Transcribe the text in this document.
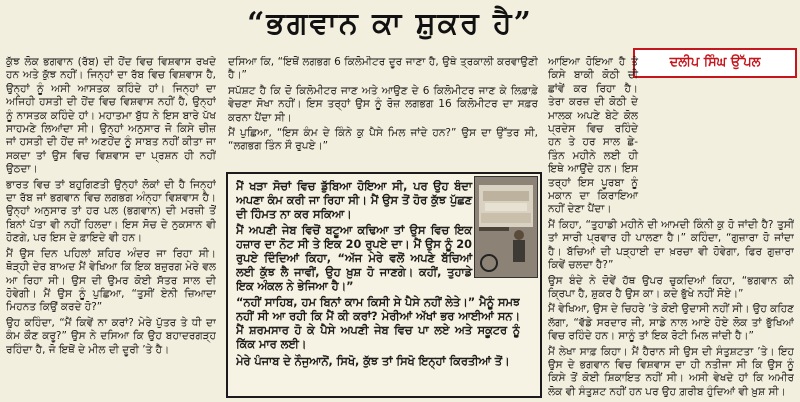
“ਭਗਵਾਨ ਕਾ ਸ਼ੁਕਰ ਹੈ”
ਦਲੀਪ ਸਿੰਘ ਉੱਪਲ

ਕੁੱਝ ਲੋਕ ਭਗਵਾਨ (ਰੱਬ) ਦੀ ਹੋਂਦ ਵਿਚ ਵਿਸ਼ਵਾਸ ਰਖਦੇ ਹਨ ਅਤੇ ਕੁੱਝ ਨਹੀਂ। ਜਿਨ੍ਹਾਂ ਦਾ ਰੱਬ ਵਿਚ ਵਿਸ਼ਵਾਸ ਹੈ, ਉਨ੍ਹਾਂ ਨੂੰ ਅਸੀ ਆਸਤਕ ਕਹਿੰਦੇ ਹਾਂ। ਜਿਨ੍ਹਾਂ ਦਾ ਅਜਿਹੀ ਹਸਤੀ ਦੀ ਹੋਂਦ ਵਿਚ ਵਿਸ਼ਵਾਸ ਨਹੀਂ ਹੈ, ਉਨ੍ਹਾਂ ਨੂੰ ਨਾਸਤਕ ਕਹਿੰਦੇ ਹਾਂ। ਮਹਾਤਮਾ ਬੁੱਧ ਨੇ ਇਸ ਬਾਰੇ ਪੱਖ ਸਾਹਮਣੇ ਲਿਆਂਦਾ ਸੀ। ਉਨ੍ਹਾਂ ਅਨੁਸਾਰ ਜੋ ਕਿਸੇ ਚੀਜ਼ ਜਾਂ ਹਸਤੀ ਦੀ ਹੋਂਦ ਜਾਂ ਅਣਹੋਂਦ ਨੂੰ ਸਾਬਤ ਨਹੀਂ ਕੀਤਾ ਜਾ ਸਕਦਾ ਤਾਂ ਉਸ ਵਿਚ ਵਿਸ਼ਵਾਸ ਦਾ ਪ੍ਰਸ਼ਨ ਹੀ ਨਹੀਂ ਉਠਦਾ।

ਭਾਰਤ ਵਿਚ ਤਾਂ ਬਹੁਗਿਣਤੀ ਉਨ੍ਹਾਂ ਲੋਕਾਂ ਦੀ ਹੈ ਜਿਨ੍ਹਾਂ ਦਾ ਰੱਬ ਜਾਂ ਭਗਵਾਨ ਵਿਚ ਲਗਭਗ ਅੰਨ੍ਹਾ ਵਿਸ਼ਵਾਸ ਹੈ। ਉਨ੍ਹਾਂ ਅਨੁਸਾਰ ਤਾਂ ਹਰ ਪਲ (ਭਗਵਾਨ) ਦੀ ਮਰਜ਼ੀ ਤੋਂ ਬਿਨਾਂ ਪੱਤਾ ਵੀ ਨਹੀਂ ਹਿਲਦਾ। ਇਸ ਸੋਚ ਦੇ ਨੁਕਸਾਨ ਵੀ ਹੋਣਗੇ, ਪਰ ਇਸ ਦੇ ਫ਼ਾਇਦੇ ਵੀ ਹਨ।

ਮੈਂ ਉਸ ਦਿਨ ਪਹਿਲਾਂ ਸ਼ਹਿਰ ਅੰਦਰ ਜਾ ਰਿਹਾ ਸੀ। ਥੋੜ੍ਹੀ ਦੇਰ ਬਾਅਦ ਮੈਂ ਵੇਖਿਆ ਕਿ ਇਕ ਬਜ਼ੁਰਗ ਮੇਰੇ ਵਲ ਆ ਰਿਹਾ ਸੀ। ਉਸ ਦੀ ਉਮਰ ਕੋਈ ਸੱਤਰ ਸਾਲ ਦੀ ਹੋਵੇਗੀ। ਮੈਂ ਉਸ ਨੂੰ ਪੁਛਿਆ, “ਤੁਸੀਂ ਏਨੀ ਜ਼ਿਆਦਾ ਮਿਹਨਤ ਕਿਉਂ ਕਰਦੇ ਹੋ?”

ਉਹ ਕਹਿੰਦਾ, “ਮੈਂ ਕਿਵੇਂ ਨਾ ਕਰਾਂ? ਮੇਰੇ ਪੁੱਤਰ ਤੇ ਧੀ ਦਾ ਕੰਮ ਕੌਣ ਕਰੂ?” ਉਸ ਨੇ ਦਸਿਆ ਕਿ ਉਹ ਬਹਾਦਰਗੜ੍ਹ ਰਹਿੰਦਾ ਹੈ, ਜੋ ਇਥੋਂ ਦੇ ਮੀਲ ਦੀ ਦੂਰੀ ’ਤੇ ਹੈ।

ਦਸਿਆ ਕਿ, “ਇਥੋਂ ਲਗਭਗ 6 ਕਿਲੋਮੀਟਰ ਦੂਰ ਜਾਣਾ ਹੈ, ਉਥੇ ਤ੍ਰਕਾਲੀ ਕਰਵਾਉਣੀ ਹੈ।”

ਸਪੱਸ਼ਟ ਹੈ ਕਿ ਦੋ ਕਿਲੋਮੀਟਰ ਜਾਣ ਅਤੇ ਆਉਣ ਦੇ 6 ਕਿਲੋਮੀਟਰ ਜਾਣ ਕੇ ਲਿਫ਼ਾਫ਼ੇ ਵੇਚਣਾ ਸੋਖਾ ਨਹੀਂ। ਇਸ ਤਰ੍ਹਾਂ ਉਸ ਨੂੰ ਰੋਜ਼ ਲਗਭਗ 16 ਕਿਲੋਮੀਟਰ ਦਾ ਸਫ਼ਰ ਕਰਨਾ ਪੈਂਦਾ ਸੀ।

ਮੈਂ ਪੁਛਿਆ, “ਇਸ ਕੰਮ ਦੇ ਕਿੰਨੇ ਕੁ ਪੈਸੇ ਮਿਲ ਜਾਂਦੇ ਹਨ?” ਉਸ ਦਾ ਉੱਤਰ ਸੀ, “ਲਗਭਗ ਤਿੰਨ ਸੌ ਰੁਪਏ।”

ਮੈਂ ਖੜਾ ਸੋਚਾਂ ਵਿਚ ਡੁੱਬਿਆ ਹੋਇਆ ਸੀ, ਪਰ ਉਹ ਬੰਦਾ ਅਪਣਾ ਕੰਮ ਕਰੀ ਜਾ ਰਿਹਾ ਸੀ। ਮੈਂ ਉਸ ਤੋਂ ਹੋਰ ਕੁੱਝ ਪੁੱਛਣ ਦੀ ਹਿੰਮਤ ਨਾ ਕਰ ਸਕਿਆ।

ਮੈਂ ਅਪਣੀ ਜੇਬ ਵਿਚੋਂ ਬਟੂਆ ਕਢਿਆ ਤਾਂ ਉਸ ਵਿਚ ਇਕ ਹਜ਼ਾਰ ਦਾ ਨੋਟ ਸੀ ਤੇ ਇਕ 20 ਰੁਪਏ ਦਾ। ਮੈਂ ਉਸ ਨੂੰ 20 ਰੁਪਏ ਦਿੰਦਿਆਂ ਕਿਹਾ, “ਅੱਜ ਮੇਰੇ ਵਲੋਂ ਅਪਣੇ ਬੱਚਿਆਂ ਲਈ ਕੁੱਝ ਲੈ ਜਾਵੀਂ, ਉਹ ਖ਼ੁਸ਼ ਹੋ ਜਾਣਗੇ। ਕਹੀਂ, ਤੁਹਾਡੇ ਇਕ ਅੰਕਲ ਨੇ ਭੇਜਿਆ ਹੈ।”

“ਨਹੀਂ ਸਾਹਿਬ, ਹਮ ਬਿਨਾਂ ਕਾਮ ਕਿਸੀ ਸੇ ਪੈਸੇ ਨਹੀਂ ਲੇਤੇ।” ਮੈਨੂੰ ਸਮਝ ਨਹੀਂ ਸੀ ਆ ਰਹੀ ਕਿ ਮੈਂ ਕੀ ਕਰਾਂ? ਮੇਰੀਆਂ ਅੱਖਾਂ ਭਰ ਆਈਆਂ ਸਨ। ਮੈਂ ਸ਼ਰਮਸਾਰ ਹੋ ਕੇ ਪੈਸੇ ਅਪਣੀ ਜੇਬ ਵਿਚ ਪਾ ਲਏ ਅਤੇ ਸਕੂਟਰ ਨੂੰ ਕਿੱਕ ਮਾਰ ਲਈ।

ਮੇਰੇ ਪੰਜਾਬ ਦੇ ਨੌਜੁਆਨੋਂ, ਸਿਖੋ, ਕੁੱਝ ਤਾਂ ਸਿਖੋ ਇਨ੍ਹਾਂ ਕਿਰਤੀਆਂ ਤੋਂ।

ਆਇਆ ਹੋਇਆ ਹੈ ਤੇ ਕਿਸੇ ਬਾਕੀ ਕੋਠੀ ਦੀ ਛਾਂਵੇਂ ਕਰ ਰਿਹਾ ਹੈ। ਤੇਰਾ ਕਰਜ਼ ਦੀ ਕੋਠੀ ਦੇ ਮਾਲਕ ਅਪਣੇ ਬੇਟੇ ਕੋਲ ਪ੍ਰਦੇਸ ਵਿਚ ਰਹਿੰਦੇ ਹਨ ਤੇ ਹਰ ਸਾਲ ਛੇ-ਤਿੰਨ ਮਹੀਨੇ ਲਈ ਹੀ ਇਥੇ ਆਉਂਦੇ ਹਨ। ਇਸ ਤਰ੍ਹਾਂ ਇਸ ਪੂਰਬਾ ਨੂੰ ਮਕਾਨ ਦਾ ਕਿਰਾਇਆ ਨਹੀਂ ਦੇਣਾ ਪੈਂਦਾ।

ਮੈਂ ਕਿਹਾ, “ਤੁਹਾਡੀ ਮਹੀਨੇ ਦੀ ਆਮਦੀ ਕਿੰਨੀ ਕੁ ਹੋ ਜਾਂਦੀ ਹੈ? ਤੁਸੀਂ ਤਾਂ ਸਾਰੀ ਪ੍ਰਵਾਰ ਹੀ ਪਾਲਣਾ ਹੈ।” ਕਹਿੰਦਾ, “ਗੁਜ਼ਾਰਾ ਹੋ ਜਾਂਦਾ ਹੈ। ਬੱਚਿਆਂ ਦੀ ਪੜ੍ਹਾਈ ਦਾ ਖ਼ਰਚਾ ਵੀ ਹੋਵੇਗਾ, ਫਿਰ ਗੁਜ਼ਾਰਾ ਕਿਵੇਂ ਚਲਦਾ ਹੈ?”

ਉਸ ਬੰਦੇ ਨੇ ਦੋਵੇਂ ਹੱਥ ਉਪਰ ਚੁਕਦਿਆਂ ਕਿਹਾ, “ਭਗਵਾਨ ਕੀ ਕ੍ਰਿਪਾ ਹੈ, ਸ਼ੁਕਰ ਹੈ ਉਸ ਕਾ। ਕਦੇ ਭੁੱਖੇ ਨਹੀਂ ਸੋਏ।”

ਮੈਂ ਵੇਖਿਆ, ਉਸ ਦੇ ਚਿਹਰੇ ’ਤੇ ਕੋਈ ਉਦਾਸੀ ਨਹੀਂ ਸੀ। ਉਹ ਕਹਿਣ ਲੱਗਾ, “ਵੱਡੇ ਸਰਦਾਰ ਜੀ, ਸਾਡੇ ਨਾਲ ਆਏ ਹੋਏ ਲੋਕ ਤਾਂ ਭੁੱਖਿਆਂ ਵਿਚ ਰਹਿੰਦੇ ਹਨ। ਸਾਨੂੰ ਤਾਂ ਇਕ ਰੋਟੀ ਮਿਲ ਜਾਂਦੀ ਹੈ।”

ਮੈਂ ਲੇਖਾ ਸਾਫ਼ ਕਿਹਾ। ਮੈਂ ਹੈਰਾਨ ਸੀ ਉਸ ਦੀ ਸੰਤੁਸ਼ਟਤਾ ’ਤੇ। ਇਹ ਉਸ ਦੇ ਭਗਵਾਨ ਵਿਚ ਵਿਸ਼ਵਾਸ ਦਾ ਹੀ ਨਤੀਜਾ ਸੀ ਕਿ ਉਸ ਨੂੰ ਕਿਸੇ ਤੋਂ ਕੋਈ ਸ਼ਿਕਾਇਤ ਨਹੀਂ ਸੀ। ਅਸੀ ਵੇਖਦੇ ਹਾਂ ਕਿ ਅਮੀਰ ਲੋਕ ਵੀ ਸੰਤੁਸ਼ਟ ਨਹੀਂ ਹਨ ਪਰ ਉਹ ਗ਼ਰੀਬ ਹੁੰਦਿਆਂ ਵੀ ਖ਼ੁਸ਼ ਸੀ।
